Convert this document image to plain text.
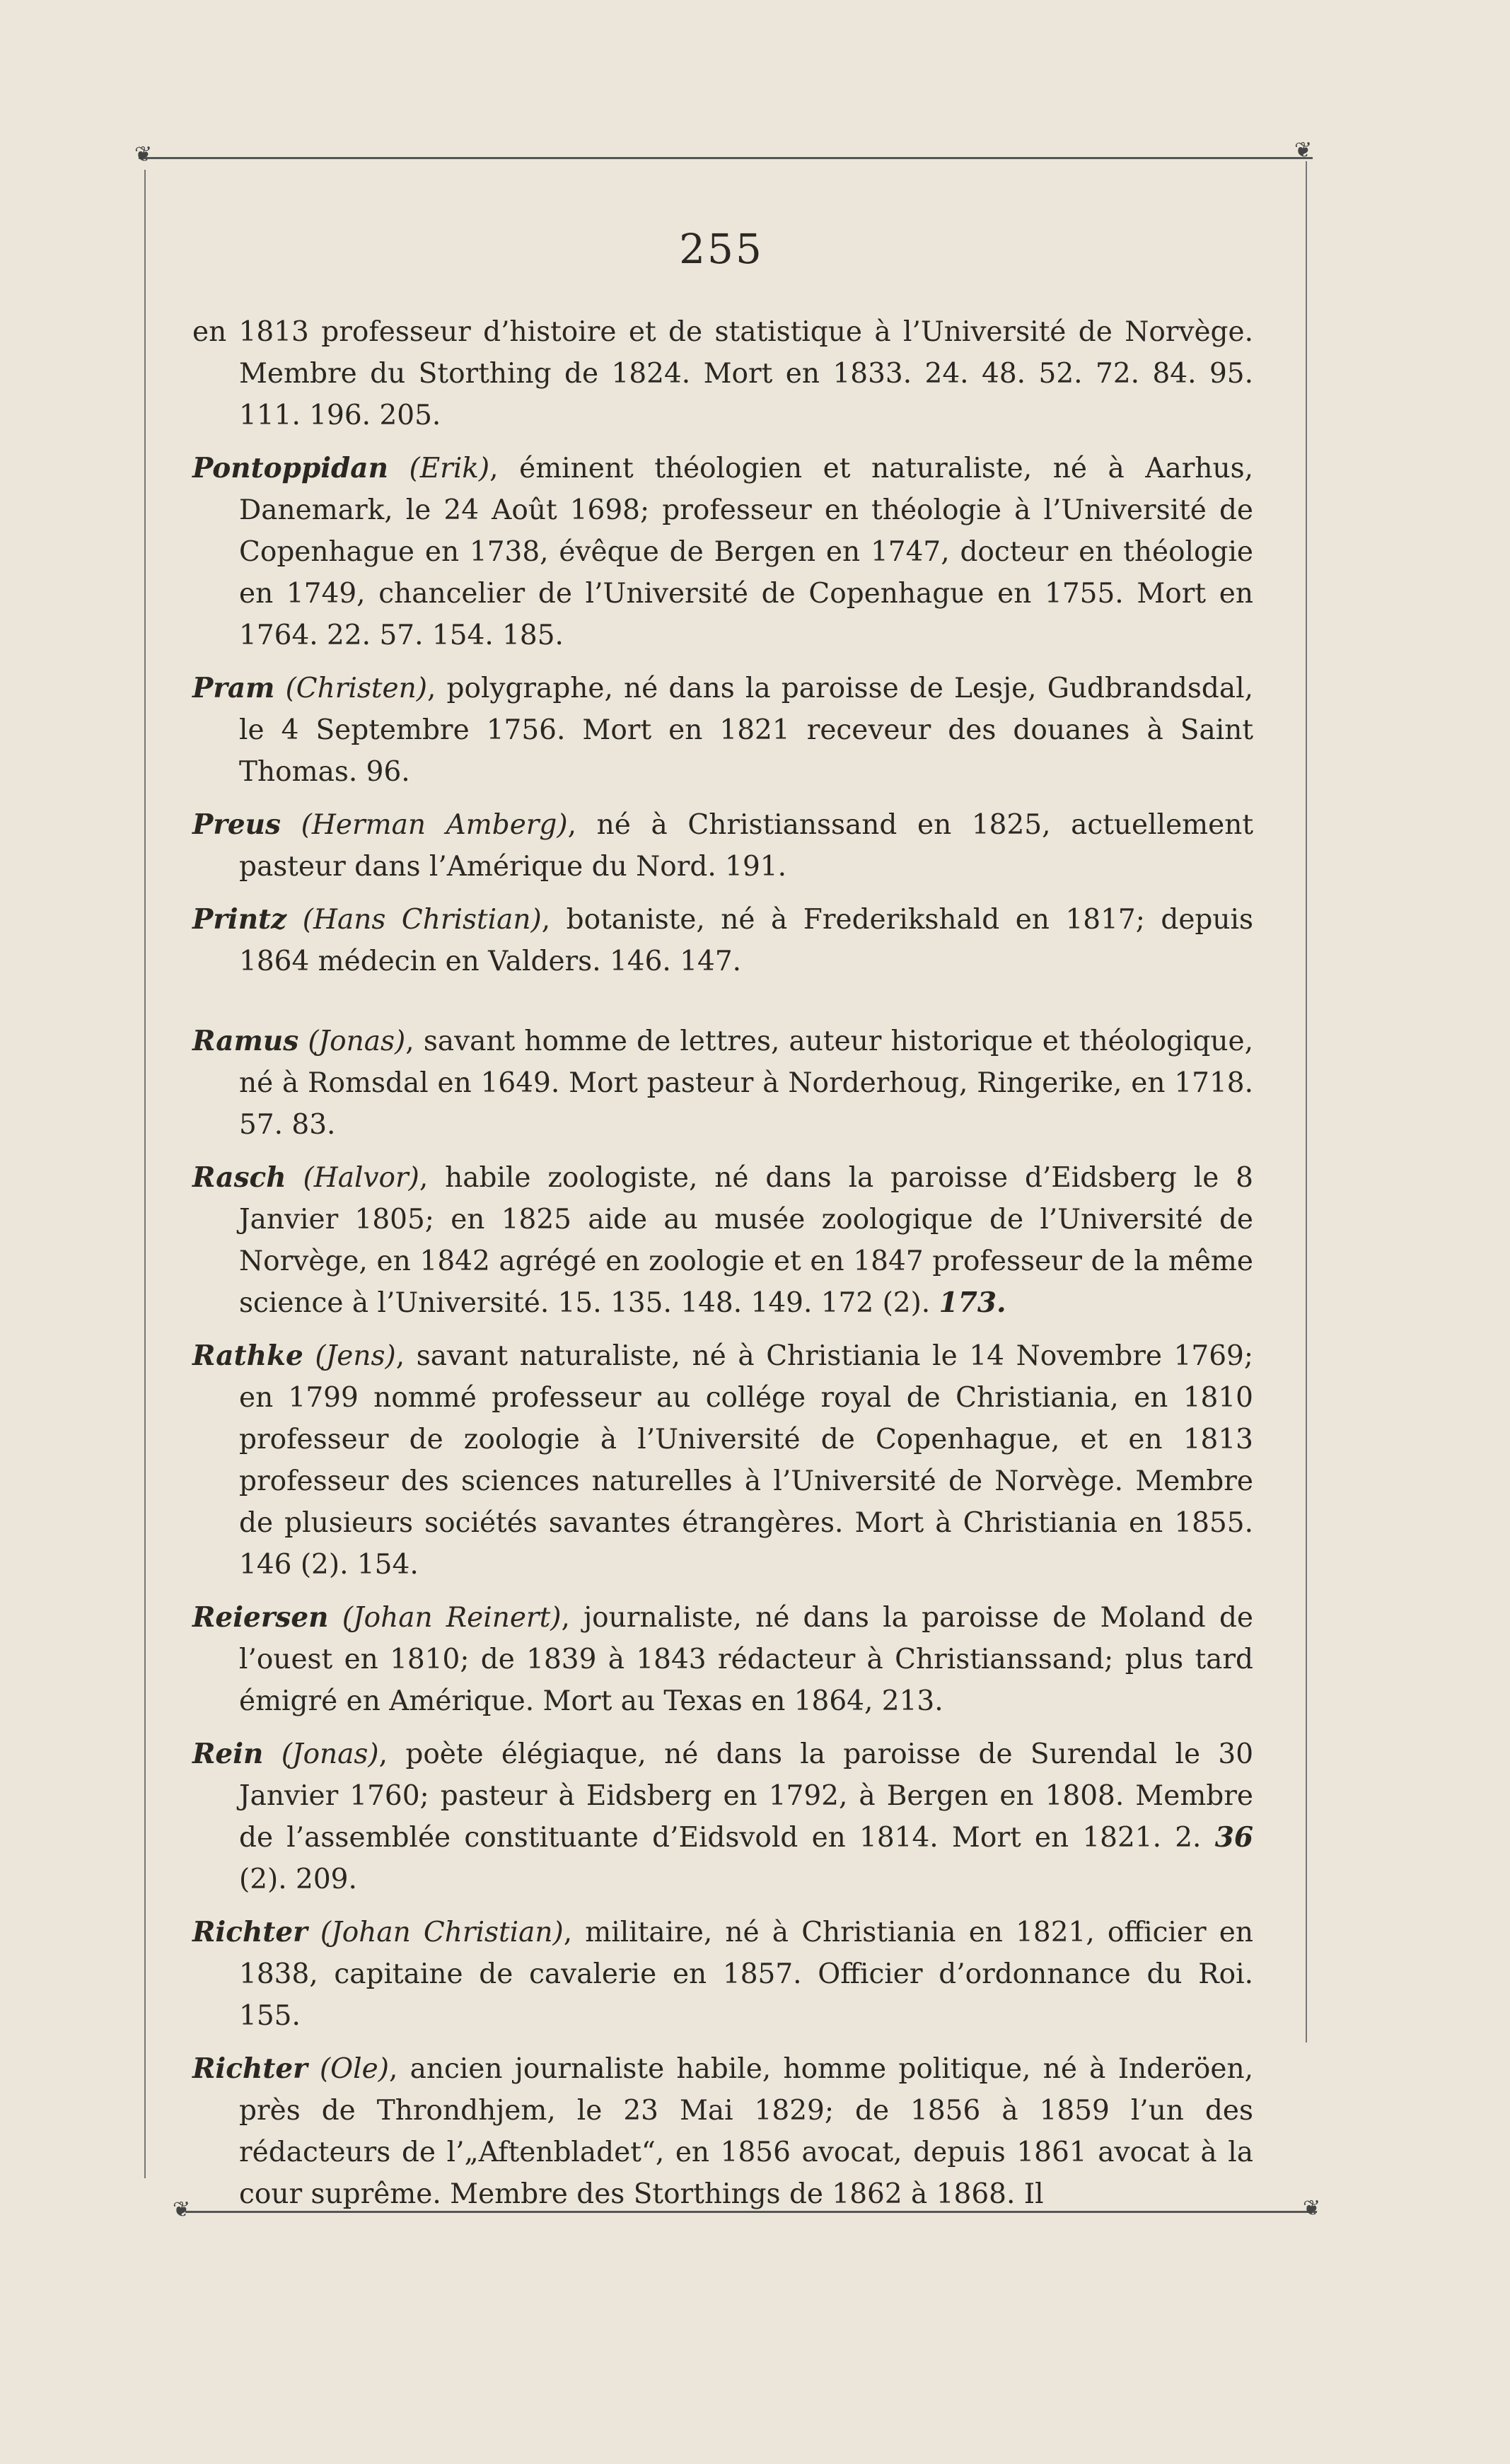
❦	❦
❦	❦
255
en 1813 professeur d’histoire et de statistique à l’Université de Norvège. Membre du Storthing de 1824. Mort en 1833. 24. 48. 52. 72. 84. 95. 111. 196. 205.
Pontoppidan (Erik), éminent théologien et naturaliste, né à Aarhus, Danemark, le 24 Août 1698; professeur en théologie à l’Université de Copenhague en 1738, évêque de Bergen en 1747, docteur en théologie en 1749, chancelier de l’Université de Copenhague en 1755. Mort en 1764. 22. 57. 154. 185.
Pram (Christen), polygraphe, né dans la paroisse de Lesje, Gudbrandsdal, le 4 Septembre 1756. Mort en 1821 receveur des douanes à Saint Thomas. 96.
Preus (Herman Amberg), né à Christianssand en 1825, actuellement pasteur dans l’Amérique du Nord. 191.
Printz (Hans Christian), botaniste, né à Frederikshald en 1817; depuis 1864 médecin en Valders. 146. 147.
Ramus (Jonas), savant homme de lettres, auteur historique et théologique, né à Romsdal en 1649. Mort pasteur à Norderhoug, Ringerike, en 1718. 57. 83.
Rasch (Halvor), habile zoologiste, né dans la paroisse d’Eidsberg le 8 Janvier 1805; en 1825 aide au musée zoologique de l’Université de Norvège, en 1842 agrégé en zoologie et en 1847 professeur de la même science à l’Université. 15. 135. 148. 149. 172 (2). 173.
Rathke (Jens), savant naturaliste, né à Christiania le 14 Novembre 1769; en 1799 nommé professeur au collége royal de Christiania, en 1810 professeur de zoologie à l’Université de Copenhague, et en 1813 professeur des sciences naturelles à l’Université de Norvège. Membre de plusieurs sociétés savantes étrangères. Mort à Christiania en 1855. 146 (2). 154.
Reiersen (Johan Reinert), journaliste, né dans la paroisse de Moland de l’ouest en 1810; de 1839 à 1843 rédacteur à Christianssand; plus tard émigré en Amérique. Mort au Texas en 1864, 213.
Rein (Jonas), poète élégiaque, né dans la paroisse de Surendal le 30 Janvier 1760; pasteur à Eidsberg en 1792, à Bergen en 1808. Membre de l’assemblée constituante d’Eidsvold en 1814. Mort en 1821. 2. 36 (2). 209.
Richter (Johan Christian), militaire, né à Christiania en 1821, officier en 1838, capitaine de cavalerie en 1857. Officier d’ordonnance du Roi. 155.
Richter (Ole), ancien journaliste habile, homme politique, né à Inderöen, près de Throndhjem, le 23 Mai 1829; de 1856 à 1859 l’un des rédacteurs de l’„Aftenbladet“, en 1856 avocat, depuis 1861 avocat à la cour suprême. Membre des Storthings de 1862 à 1868. Il
